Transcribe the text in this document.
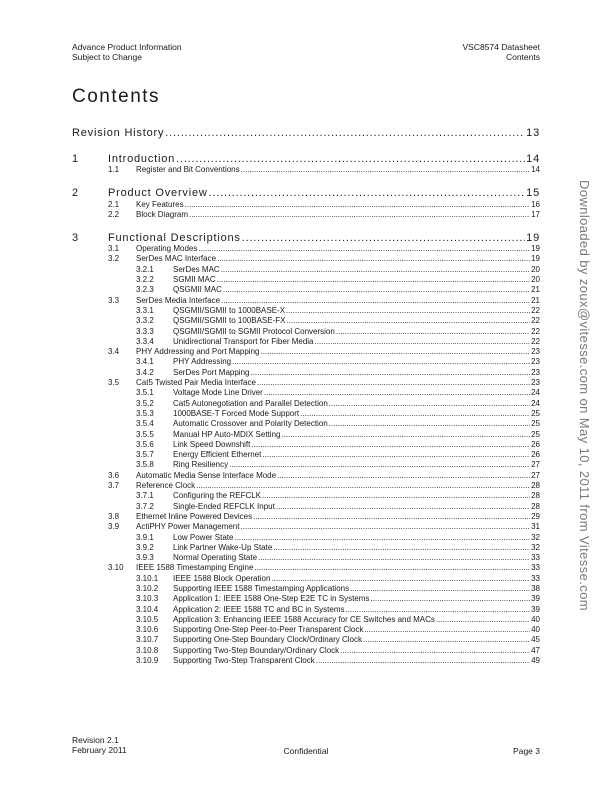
Advance Product Information
Subject to Change
VSC8574 Datasheet
Contents
Contents
Revision History .....	13
1	Introduction .....	14
1.1	Register and Bit Conventions .....	14
2	Product Overview .....	15
2.1	Key Features .....	16
2.2	Block Diagram .....	17
3	Functional Descriptions .....	19
3.1	Operating Modes .....	19
3.2	SerDes MAC Interface .....	19
3.2.1	SerDes MAC .....	20
3.2.2	SGMII MAC .....	20
3.2.3	QSGMII MAC .....	21
3.3	SerDes Media Interface .....	21
3.3.1	QSGMII/SGMII to 1000BASE-X .....	22
3.3.2	QSGMII/SGMII to 100BASE-FX .....	22
3.3.3	QSGMII/SGMII to SGMII Protocol Conversion .....	22
3.3.4	Unidirectional Transport for Fiber Media .....	22
3.4	PHY Addressing and Port Mapping .....	23
3.4.1	PHY Addressing .....	23
3.4.2	SerDes Port Mapping .....	23
3.5	Cat5 Twisted Pair Media Interface .....	23
3.5.1	Voltage Mode Line Driver .....	24
3.5.2	Cat5 Autonegotiation and Parallel Detection .....	24
3.5.3	1000BASE-T Forced Mode Support .....	25
3.5.4	Automatic Crossover and Polarity Detection .....	25
3.5.5	Manual HP Auto-MDIX Setting .....	25
3.5.6	Link Speed Downshift .....	26
3.5.7	Energy Efficient Ethernet .....	26
3.5.8	Ring Resiliency .....	27
3.6	Automatic Media Sense Interface Mode .....	27
3.7	Reference Clock .....	28
3.7.1	Configuring the REFCLK .....	28
3.7.2	Single-Ended REFCLK Input .....	28
3.8	Ethernet Inline Powered Devices .....	29
3.9	ActiPHY Power Management .....	31
3.9.1	Low Power State .....	32
3.9.2	Link Partner Wake-Up State .....	32
3.9.3	Normal Operating State .....	33
3.10	IEEE 1588 Timestamping Engine .....	33
3.10.1	IEEE 1588 Block Operation .....	33
3.10.2	Supporting IEEE 1588 Timestamping Applications .....	38
3.10.3	Application 1: IEEE 1588 One-Step E2E TC in Systems .....	39
3.10.4	Application 2: IEEE 1588 TC and BC in Systems .....	39
3.10.5	Application 3: Enhancing IEEE 1588 Accuracy for CE Switches and MACs .....	40
3.10.6	Supporting One-Step Peer-to-Peer Transparent Clock .....	40
3.10.7	Supporting One-Step Boundary Clock/Ordinary Clock .....	45
3.10.8	Supporting Two-Step Boundary/Ordinary Clock .....	47
3.10.9	Supporting Two-Step Transparent Clock .....	49
Downloaded by zoux@vitesse.com on May 10, 2011 from Vitesse.com
Revision 2.1
February 2011	Confidential	Page 3
